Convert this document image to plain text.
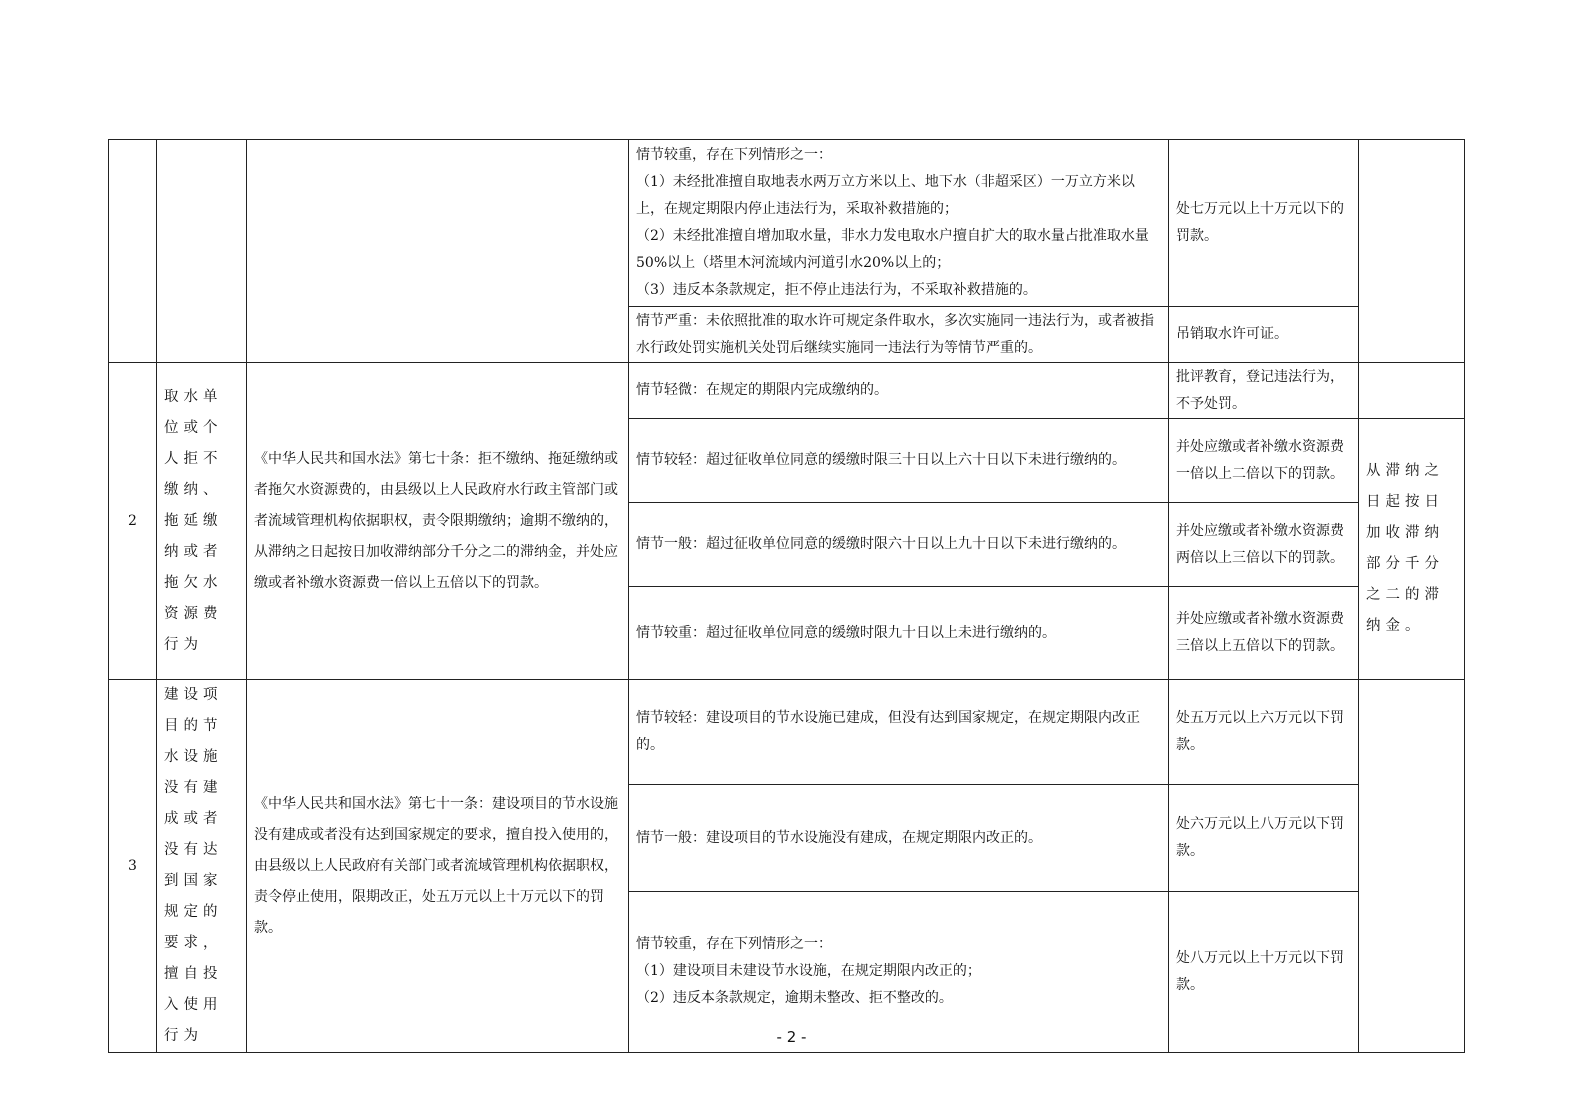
			情节较重，存在下列情形之一：
（1）未经批准擅自取地表水两万立方米以上、地下水（非超采区）一万立方米以上，在规定期限内停止违法行为，采取补救措施的；
（2）未经批准擅自增加取水量，非水力发电取水户擅自扩大的取水量占批准取水量50%以上（塔里木河流域内河道引水20%以上的；
（3）违反本条款规定，拒不停止违法行为，不采取补救措施的。	处七万元以上十万元以下的罚款。	
			情节严重：未依照批准的取水许可规定条件取水，多次实施同一违法行为，或者被指水行政处罚实施机关处罚后继续实施同一违法行为等情节严重的。	吊销取水许可证。	
2	取水单位或个人拒不缴纳、拖延缴纳或者拖欠水资源费行为	《中华人民共和国水法》第七十条：拒不缴纳、拖延缴纳或者拖欠水资源费的，由县级以上人民政府水行政主管部门或者流域管理机构依据职权，责令限期缴纳；逾期不缴纳的，从滞纳之日起按日加收滞纳部分千分之二的滞纳金，并处应缴或者补缴水资源费一倍以上五倍以下的罚款。	情节轻微：在规定的期限内完成缴纳的。	批评教育，登记违法行为，不予处罚。	
			情节较轻：超过征收单位同意的缓缴时限三十日以上六十日以下未进行缴纳的。	并处应缴或者补缴水资源费一倍以上二倍以下的罚款。	从滞纳之日起按日加收滞纳部分千分之二的滞纳金。
			情节一般：超过征收单位同意的缓缴时限六十日以上九十日以下未进行缴纳的。	并处应缴或者补缴水资源费两倍以上三倍以下的罚款。	
			情节较重：超过征收单位同意的缓缴时限九十日以上未进行缴纳的。	并处应缴或者补缴水资源费三倍以上五倍以下的罚款。	
3	建设项目的节水设施没有建成或者没有达到国家规定的要求，擅自投入使用行为	《中华人民共和国水法》第七十一条：建设项目的节水设施没有建成或者没有达到国家规定的要求，擅自投入使用的，由县级以上人民政府有关部门或者流域管理机构依据职权，责令停止使用，限期改正，处五万元以上十万元以下的罚款。	情节较轻：建设项目的节水设施已建成，但没有达到国家规定，在规定期限内改正的。	处五万元以上六万元以下罚款。	
			情节一般：建设项目的节水设施没有建成，在规定期限内改正的。	处六万元以上八万元以下罚款。	

			情节较重，存在下列情形之一：
（1）建设项目未建设节水设施，在规定期限内改正的；
（2）违反本条款规定，逾期未整改、拒不整改的。	处八万元以上十万元以下罚款。	
- 2 -
